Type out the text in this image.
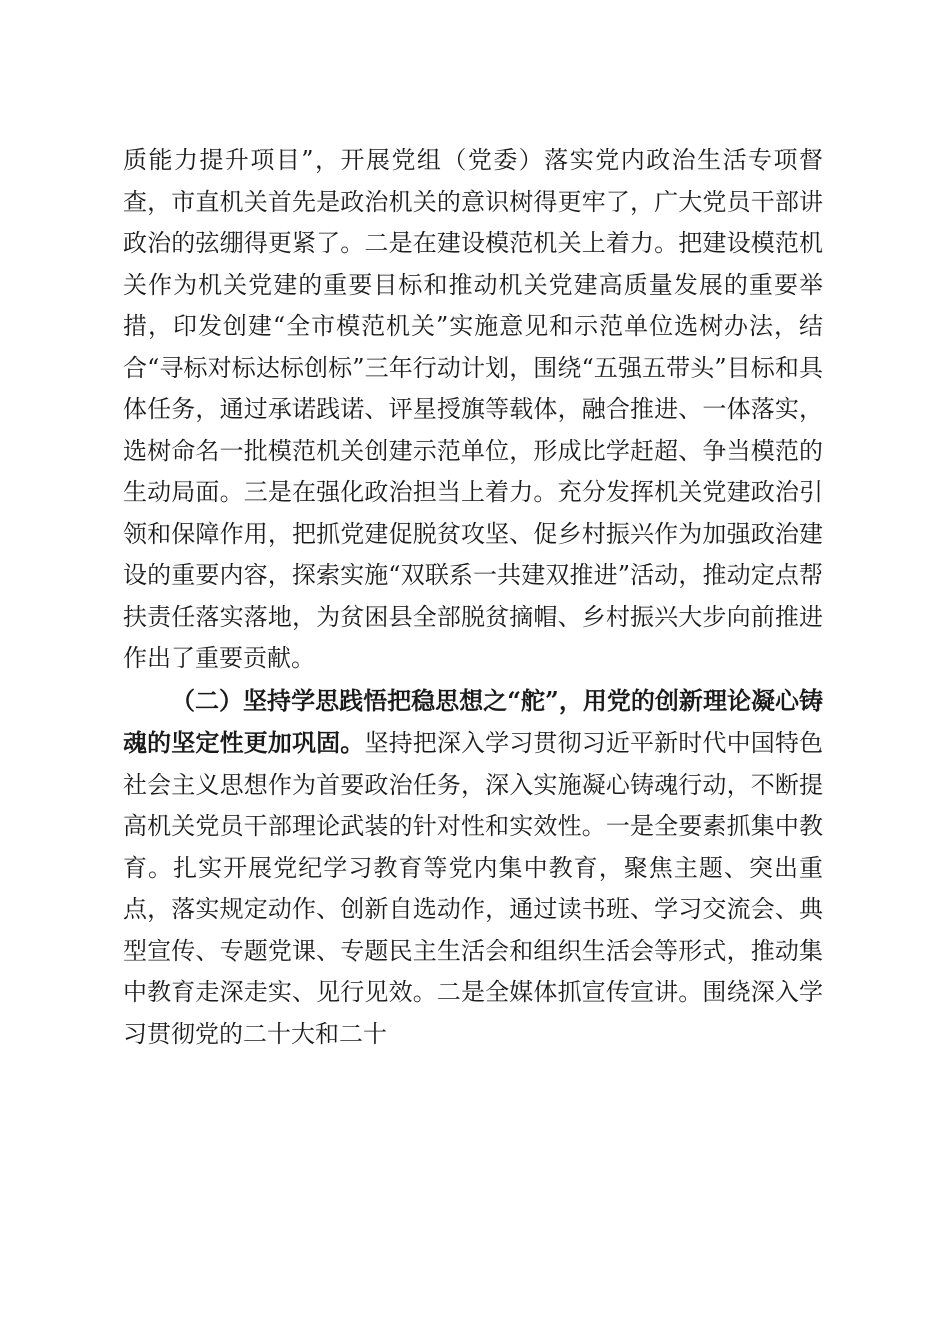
质能力提升项目”，开展党组（党委）落实党内政治生活专项督查，市直机关首先是政治机关的意识树得更牢了，广大党员干部讲政治的弦绷得更紧了。二是在建设模范机关上着力。把建设模范机关作为机关党建的重要目标和推动机关党建高质量发展的重要举措，印发创建“全市模范机关”实施意见和示范单位选树办法，结合“寻标对标达标创标”三年行动计划，围绕“五强五带头”目标和具体任务，通过承诺践诺、评星授旗等载体，融合推进、一体落实，选树命名一批模范机关创建示范单位，形成比学赶超、争当模范的生动局面。三是在强化政治担当上着力。充分发挥机关党建政治引领和保障作用，把抓党建促脱贫攻坚、促乡村振兴作为加强政治建设的重要内容，探索实施“双联系一共建双推进”活动，推动定点帮扶责任落实落地，为贫困县全部脱贫摘帽、乡村振兴大步向前推进作出了重要贡献。

（二）坚持学思践悟把稳思想之“舵”，用党的创新理论凝心铸魂的坚定性更加巩固。坚持把深入学习贯彻习近平新时代中国特色社会主义思想作为首要政治任务，深入实施凝心铸魂行动，不断提高机关党员干部理论武装的针对性和实效性。一是全要素抓集中教育。扎实开展党纪学习教育等党内集中教育，聚焦主题、突出重点，落实规定动作、创新自选动作，通过读书班、学习交流会、典型宣传、专题党课、专题民主生活会和组织生活会等形式，推动集中教育走深走实、见行见效。二是全媒体抓宣传宣讲。围绕深入学习贯彻党的二十大和二十
